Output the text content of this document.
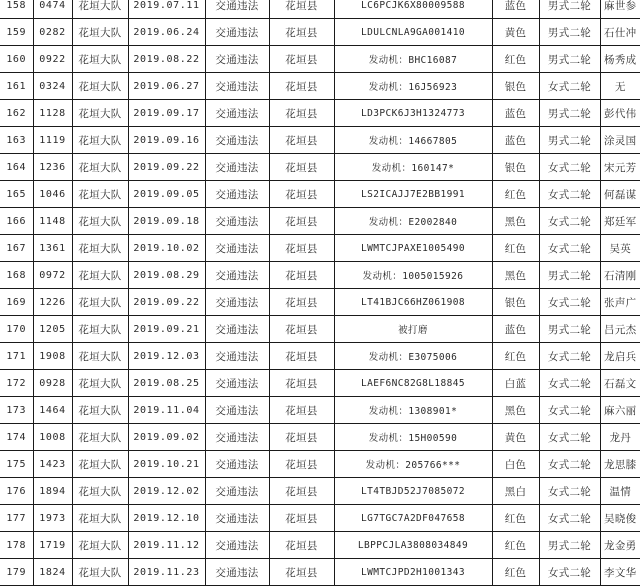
158	0474	花垣大队	2019.07.11	交通违法	花垣县	LC6PCJK6X80009588	蓝色	男式二轮	麻世参
159	0282	花垣大队	2019.06.24	交通违法	花垣县	LDULCNLA9GA001410	黄色	男式二轮	石仕冲
160	0922	花垣大队	2019.08.22	交通违法	花垣县	发动机：BHC16087	红色	男式二轮	杨秀成
161	0324	花垣大队	2019.06.27	交通违法	花垣县	发动机：16J56923	银色	女式二轮	无
162	1128	花垣大队	2019.09.17	交通违法	花垣县	LD3PCK6J3H1324773	蓝色	男式二轮	彭代伟
163	1119	花垣大队	2019.09.16	交通违法	花垣县	发动机：14667805	蓝色	男式二轮	涂灵国
164	1236	花垣大队	2019.09.22	交通违法	花垣县	发动机：160147*	银色	女式二轮	宋元芳
165	1046	花垣大队	2019.09.05	交通违法	花垣县	LS2ICAJJ7E2BB1991	红色	女式二轮	何磊谋
166	1148	花垣大队	2019.09.18	交通违法	花垣县	发动机：E2002840	黑色	女式二轮	郑廷军
167	1361	花垣大队	2019.10.02	交通违法	花垣县	LWMTCJPAXE1005490	红色	女式二轮	吴英
168	0972	花垣大队	2019.08.29	交通违法	花垣县	发动机：1005015926	黑色	男式二轮	石清刚
169	1226	花垣大队	2019.09.22	交通违法	花垣县	LT41BJC66HZ061908	银色	女式二轮	张声广
170	1205	花垣大队	2019.09.21	交通违法	花垣县	被打磨	蓝色	男式二轮	吕元杰
171	1908	花垣大队	2019.12.03	交通违法	花垣县	发动机：E3075006	红色	女式二轮	龙启兵
172	0928	花垣大队	2019.08.25	交通违法	花垣县	LAEF6NC82G8L18845	白蓝	女式二轮	石磊文
173	1464	花垣大队	2019.11.04	交通违法	花垣县	发动机：1308901*	黑色	女式二轮	麻六丽
174	1008	花垣大队	2019.09.02	交通违法	花垣县	发动机：15H00590	黄色	女式二轮	龙丹
175	1423	花垣大队	2019.10.21	交通违法	花垣县	发动机：205766***	白色	女式二轮	龙思膝
176	1894	花垣大队	2019.12.02	交通违法	花垣县	LT4TBJD52J7085072	黑白	女式二轮	温情
177	1973	花垣大队	2019.12.10	交通违法	花垣县	LG7TGC7A2DF047658	红色	女式二轮	吴晓俊
178	1719	花垣大队	2019.11.12	交通违法	花垣县	LBPPCJLA3808034849	红色	男式二轮	龙金勇
179	1824	花垣大队	2019.11.23	交通违法	花垣县	LWMTCJPD2H1001343	红色	女式二轮	李文华
